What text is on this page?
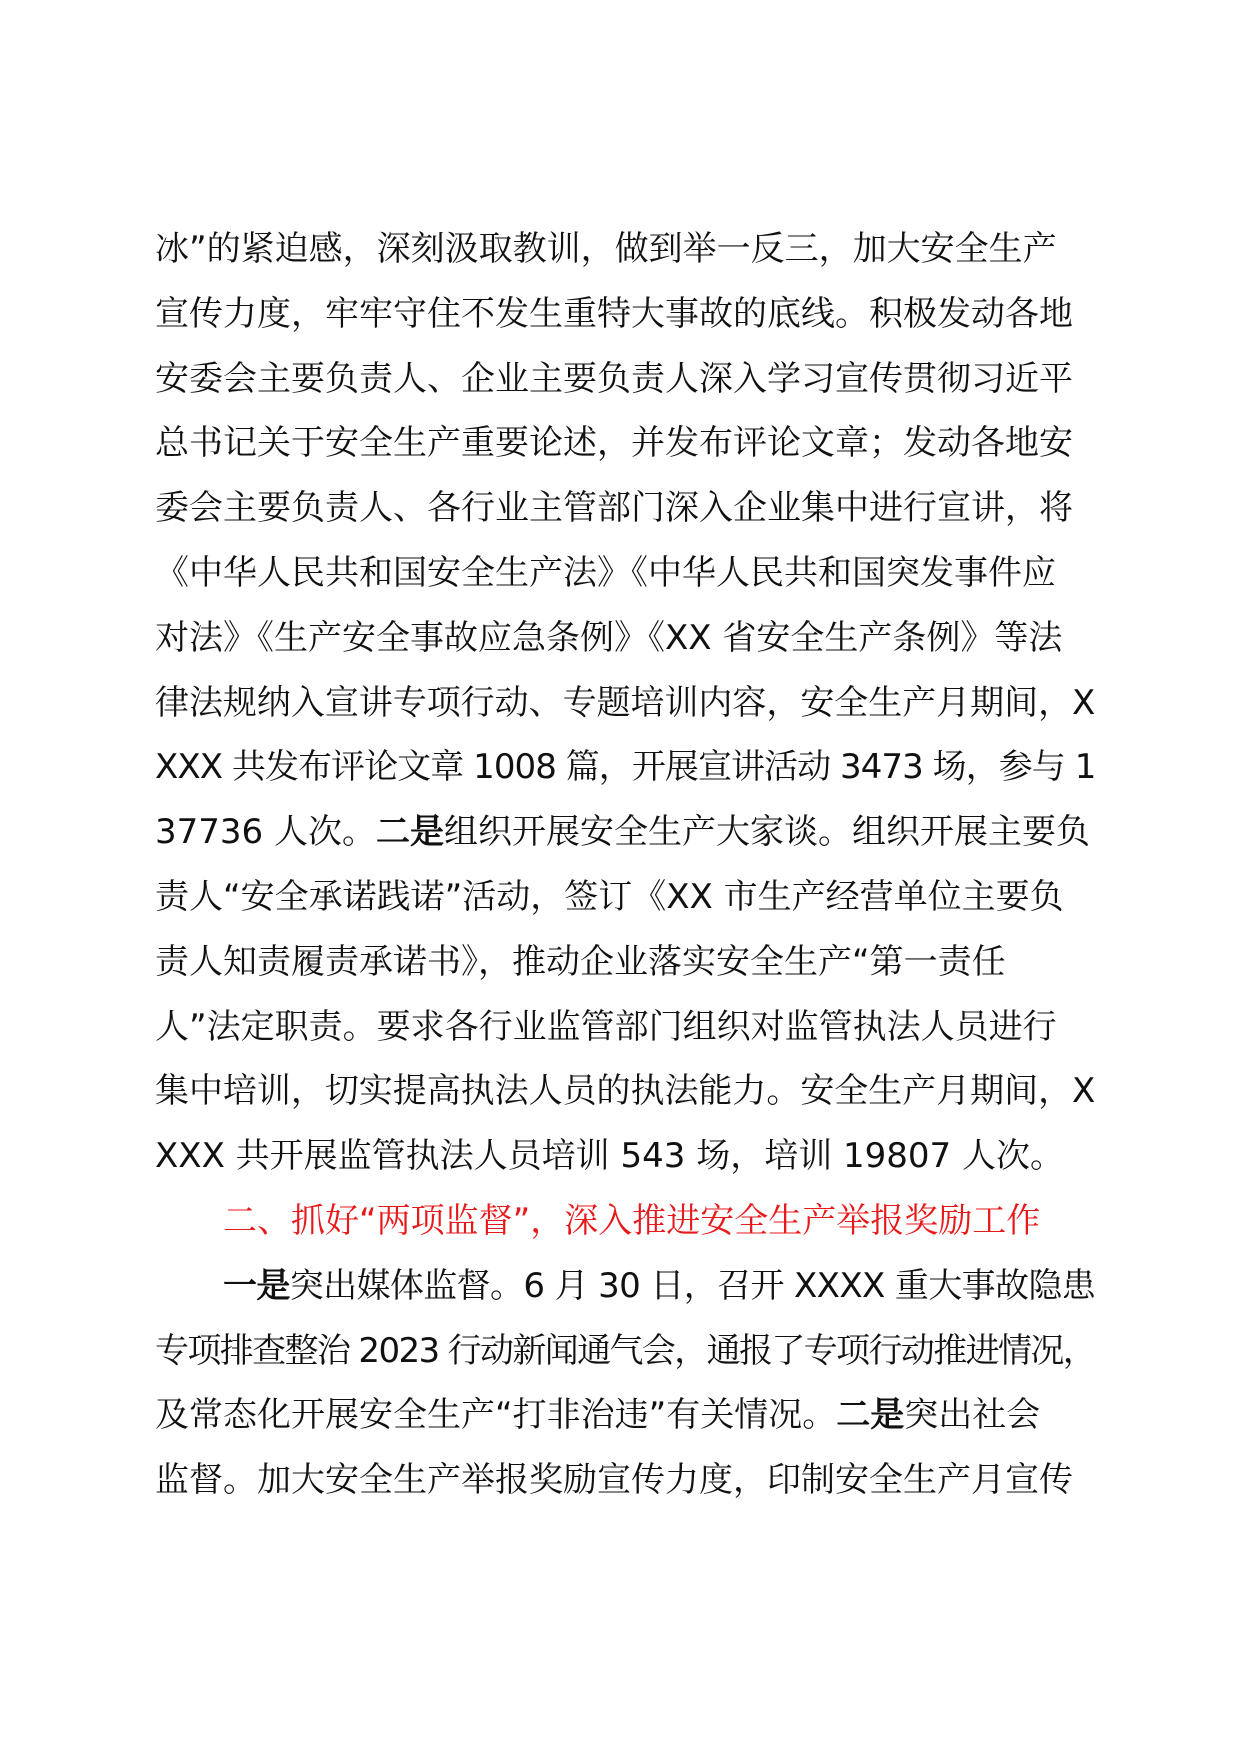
冰”的紧迫感，深刻汲取教训，做到举一反三，加大安全生产
宣传力度，牢牢守住不发生重特大事故的底线。积极发动各地
安委会主要负责人、企业主要负责人深入学习宣传贯彻习近平
总书记关于安全生产重要论述，并发布评论文章；发动各地安
委会主要负责人、各行业主管部门深入企业集中进行宣讲，将
《中华人民共和国安全生产法》《中华人民共和国突发事件应
对法》《生产安全事故应急条例》《XX 省安全生产条例》等法
律法规纳入宣讲专项行动、专题培训内容，安全生产月期间，X
XXX 共发布评论文章 1008 篇，开展宣讲活动 3473 场，参与 1
37736 人次。二是组织开展安全生产大家谈。组织开展主要负
责人“安全承诺践诺”活动，签订《XX 市生产经营单位主要负
责人知责履责承诺书》，推动企业落实安全生产“第一责任
人”法定职责。要求各行业监管部门组织对监管执法人员进行
集中培训，切实提高执法人员的执法能力。安全生产月期间，X
XXX 共开展监管执法人员培训 543 场，培训 19807 人次。
二、抓好“两项监督”，深入推进安全生产举报奖励工作
一是突出媒体监督。6 月 30 日，召开 XXXX 重大事故隐患
专项排查整治 2023 行动新闻通气会，通报了专项行动推进情况，
及常态化开展安全生产“打非治违”有关情况。二是突出社会
监督。加大安全生产举报奖励宣传力度，印制安全生产月宣传
